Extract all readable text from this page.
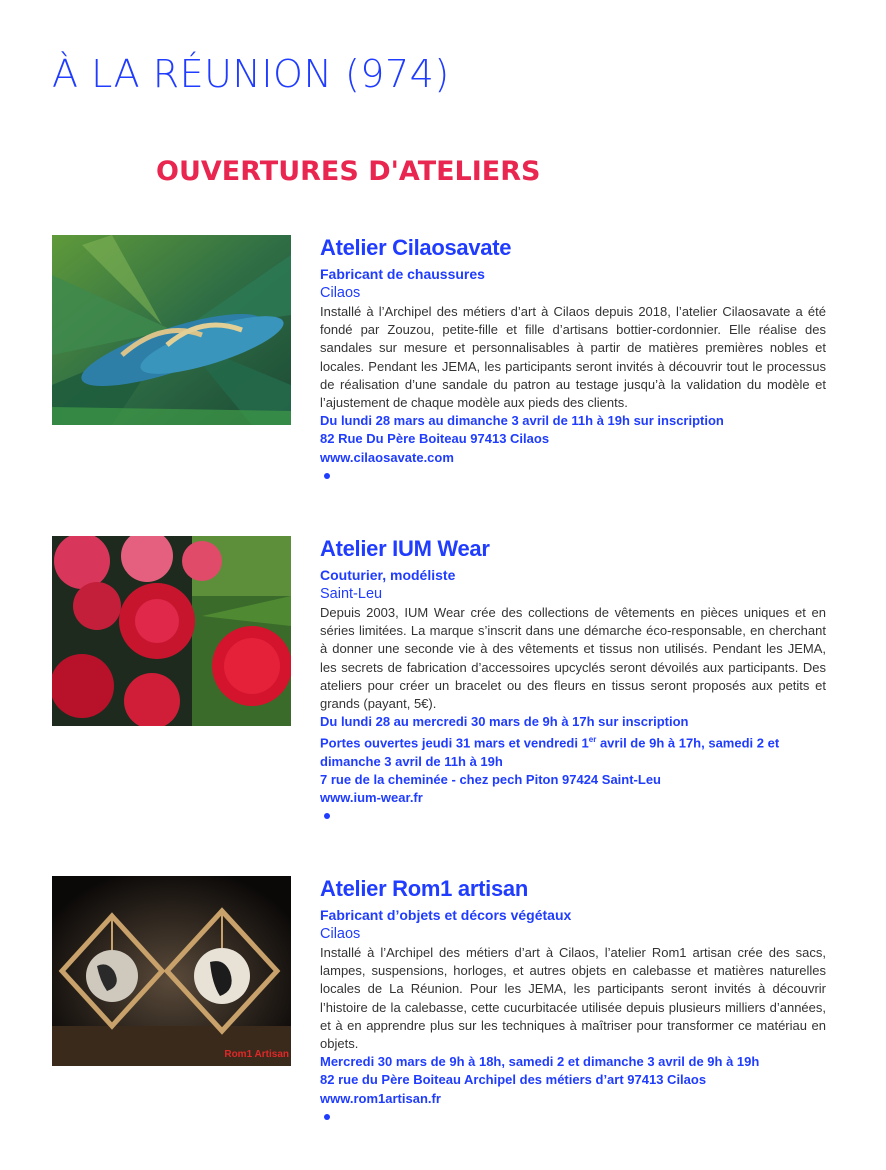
À LA RÉUNION (974)
OUVERTURES D'ATELIERS

Atelier Cilaosavate

Fabricant de chaussures

Cilaos

Installé à l’Archipel des métiers d’art à Cilaos depuis 2018, l’atelier Cilaosavate a été fondé par Zouzou, petite-fille et fille d’artisans bottier-cordonnier. Elle réalise des sandales sur mesure et personnalisables à partir de matières premières nobles et locales. Pendant les JEMA, les participants seront invités à découvrir tout le processus de réalisation d’une sandale du patron au testage jusqu’à la validation du modèle et l’ajustement de chaque modèle aux pieds des clients.

Du lundi 28 mars au dimanche 3 avril de 11h à 19h sur inscription

82 Rue Du Père Boiteau 97413 Cilaos

www.cilaosavate.com

Atelier IUM Wear

Couturier, modéliste

Saint-Leu

Depuis 2003, IUM Wear crée des collections de vêtements en pièces uniques et en séries limitées. La marque s’inscrit dans une démarche éco-responsable, en cherchant à donner une seconde vie à des vêtements et tissus non utilisés. Pendant les JEMA, les secrets de fabrication d’accessoires upcyclés seront dévoilés aux participants. Des ateliers pour créer un bracelet ou des fleurs en tissus seront proposés aux petits et grands (payant, 5€).

Du lundi 28 au mercredi 30 mars de 9h à 17h sur inscription

Portes ouvertes jeudi 31 mars et vendredi 1er avril de 9h à 17h, samedi 2 et dimanche 3 avril de 11h à 19h

7 rue de la cheminée - chez pech Piton 97424 Saint-Leu

www.ium-wear.fr

Rom1 Artisan

Atelier Rom1 artisan

Fabricant d’objets et décors végétaux

Cilaos

Installé à l’Archipel des métiers d’art à Cilaos, l’atelier Rom1 artisan crée des sacs, lampes, suspensions, horloges, et autres objets en calebasse et matières naturelles locales de La Réunion. Pour les JEMA, les participants seront invités à découvrir l’histoire de la calebasse, cette cucurbitacée utilisée depuis plusieurs milliers d’années, et à en apprendre plus sur les techniques à maîtriser pour transformer ce matériau en objets.

Mercredi 30 mars de 9h à 18h, samedi 2 et dimanche 3 avril de 9h à 19h

82 rue du Père Boiteau Archipel des métiers d’art 97413 Cilaos

www.rom1artisan.fr
